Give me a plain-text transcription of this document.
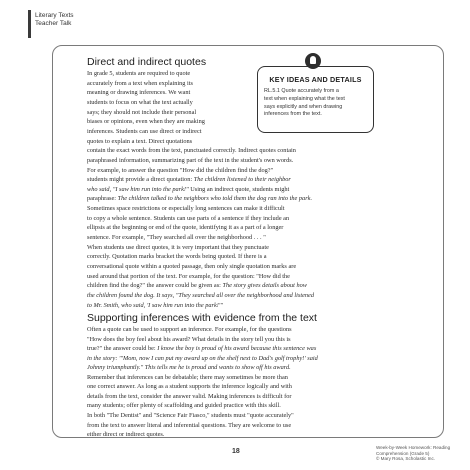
Literary Texts
Teacher Talk
KEY IDEAS AND DETAILS
RL.5.1 Quote accurately from a
text when explaining what the text
says explicitly and when drawing
inferences from the text.
Direct and indirect quotes
In grade 5, students are required to quote
accurately from a text when explaining its
meaning or drawing inferences. We want
students to focus on what the text actually
says; they should not include their personal
biases or opinions, even when they are making
inferences. Students can use direct or indirect
quotes to explain a text. Direct quotations
contain the exact words from the text, punctuated correctly. Indirect quotes contain
paraphrased information, summarizing part of the text in the student's own words.
For example, to answer the question "How did the children find the dog?"
students might provide a direct quotation: The children listened to their neighbor
who said, "I saw him run into the park!" Using an indirect quote, students might
paraphrase: The children talked to the neighbors who told them the dog ran into the park.
Sometimes space restrictions or especially long sentences can make it difficult
to copy a whole sentence. Students can use parts of a sentence if they include an
ellipsis at the beginning or end of the quote, identifying it as a part of a longer
sentence. For example, "They searched all over the neighborhood . . . "
When students use direct quotes, it is very important that they punctuate
correctly. Quotation marks bracket the words being quoted. If there is a
conversational quote within a quoted passage, then only single quotation marks are
used around that portion of the text. For example, for the question: "How did the
children find the dog?" the answer could be given as: The story gives details about how
the children found the dog. It says, "They searched all over the neighborhood and listened
to Mr. Smith, who said, 'I saw him run into the park!'"
Supporting inferences with evidence from the text
Often a quote can be used to support an inference. For example, for the questions
"How does the boy feel about his award? What details in the story tell you this is
true?" the answer could be: I know the boy is proud of his award because this sentence was
in the story: "'Mom, now I can put my award up on the shelf next to Dad's golf trophy!' said
Johnny triumphantly." This tells me he is proud and wants to show off his award.
Remember that inferences can be debatable; there may sometimes be more than
one correct answer. As long as a student supports the inference logically and with
details from the text, consider the answer valid. Making inferences is difficult for
many students; offer plenty of scaffolding and guided practice with this skill.
In both "The Dentist" and "Science Fair Fiasco," students must "quote accurately"
from the text to answer literal and inferential questions. They are welcome to use
either direct or indirect quotes.
18
Week-by-Week Homework: Reading Comprehension (Grade 5)
© Mary Rosa, Scholastic Inc.
